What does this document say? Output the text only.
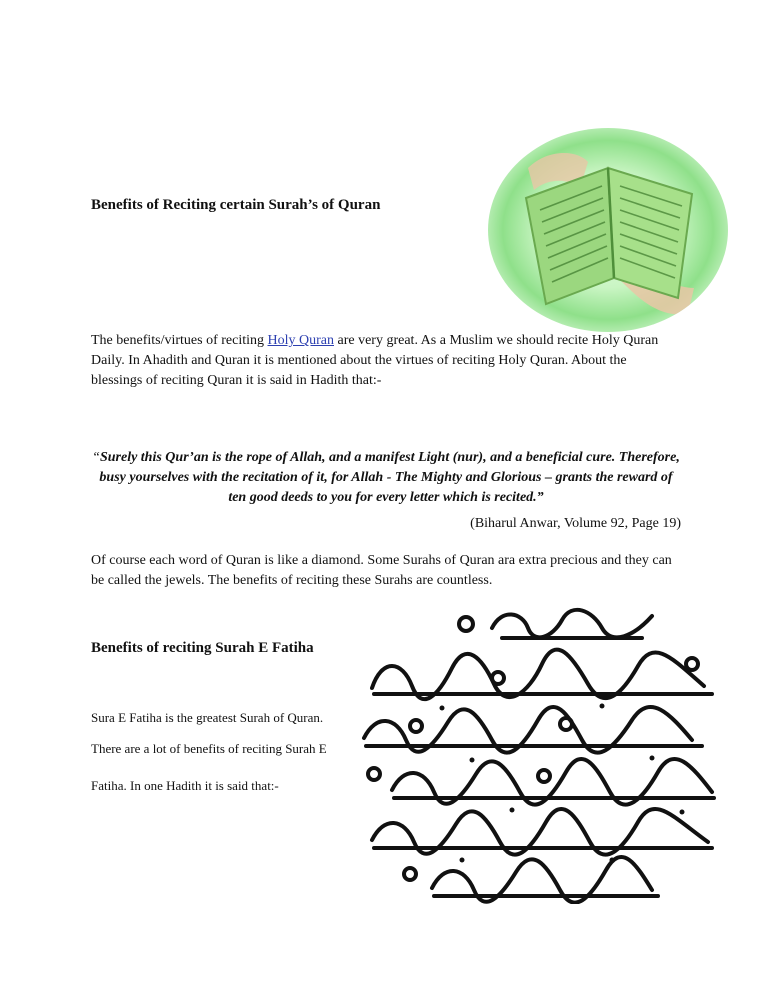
Benefits of Reciting certain Surah’s of Quran

The benefits/virtues of reciting Holy Quran are very great. As a Muslim we should recite Holy Quran Daily. In Ahadith and Quran it is mentioned about the virtues of reciting Holy Quran. About the blessings of reciting Quran it is said in Hadith that:-

“Surely this Qur’an is the rope of Allah, and a manifest Light (nur), and a beneficial cure. Therefore, busy yourselves with the recitation of it, for Allah - The Mighty and Glorious – grants the reward of ten good deeds to you for every letter which is recited.”
(Biharul Anwar, Volume 92, Page 19)

Of course each word of Quran is like a diamond. Some Surahs of Quran ara extra precious and they can be called the jewels. The benefits of reciting these Surahs are countless.

Benefits of reciting Surah E Fatiha
Sura E Fatiha is the greatest Surah of Quran.
There are a lot of benefits of reciting Surah E
Fatiha. In one Hadith it is said that:-
